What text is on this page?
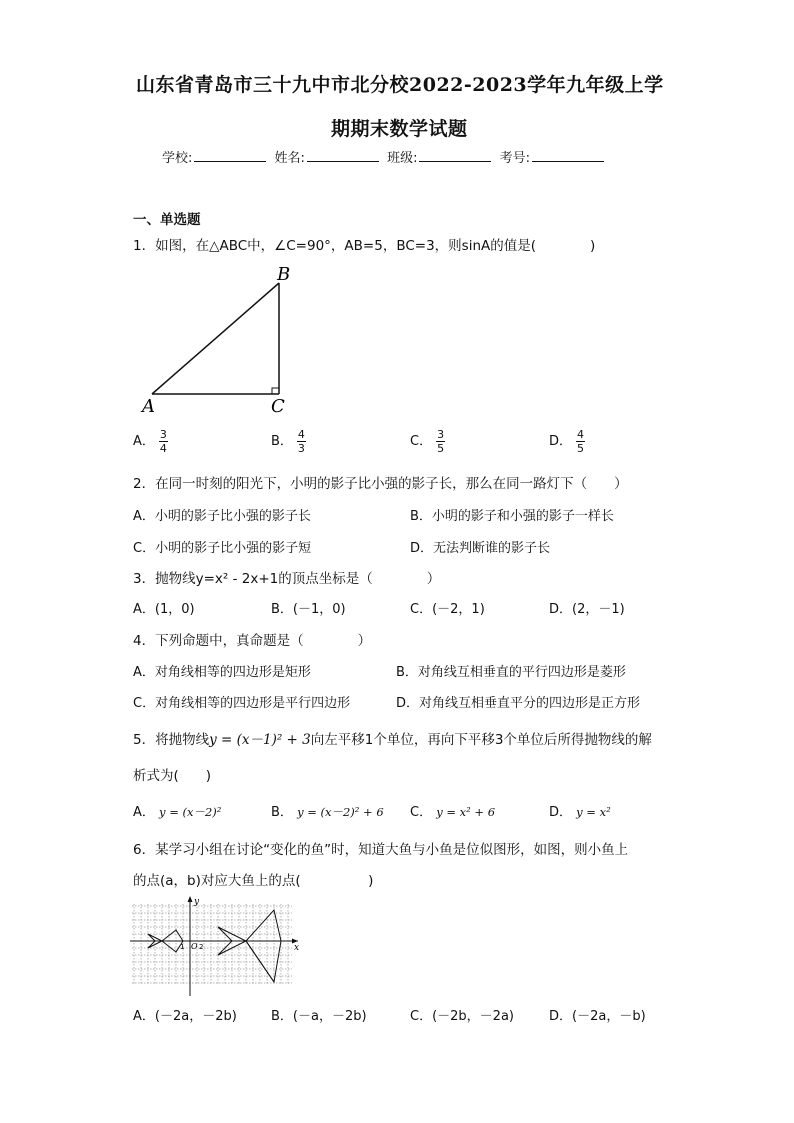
山东省青岛市三十九中市北分校2022-2023学年九年级上学
期期末数学试题
学校:	姓名:	班级:	考号:
一、单选题
1．如图，在△ABC中，∠C=90°，AB=5，BC=3，则sinA的值是(　　　　)
A
B
C
A． $\frac{3}{4}$	B． $\frac{4}{3}$	C． $\frac{3}{5}$	D． $\frac{4}{5}$
2．在同一时刻的阳光下，小明的影子比小强的影子长，那么在同一路灯下（　　）
A．小明的影子比小强的影子长	B．小明的影子和小强的影子一样长
C．小明的影子比小强的影子短	D．无法判断谁的影子长
3．抛物线y=x² - 2x+1的顶点坐标是（　　　　）
A．(1，0)	B．(－1，0)	C．(－2，1)	D．(2，－1)
4．下列命题中，真命题是（　　　　）
A．对角线相等的四边形是矩形	B．对角线互相垂直的平行四边形是菱形
C．对角线相等的四边形是平行四边形	D．对角线互相垂直平分的四边形是正方形
5．将抛物线y = (x－1)² + 3向左平移1个单位，再向下平移3个单位后所得抛物线的解
析式为(　　)
A． y = (x－2)²	B． y = (x－2)² + 6 C． y = x² + 6	D． y = x²
6．某学习小组在讨论“变化的鱼”时，知道大鱼与小鱼是位似图形，如图，则小鱼上
的点(a，b)对应大鱼上的点(　　　　　)
y
x
1 O 2
A．(－2a，－2b)	B．(－a，－2b)	C．(－2b，－2a)	D．(－2a，－b)
